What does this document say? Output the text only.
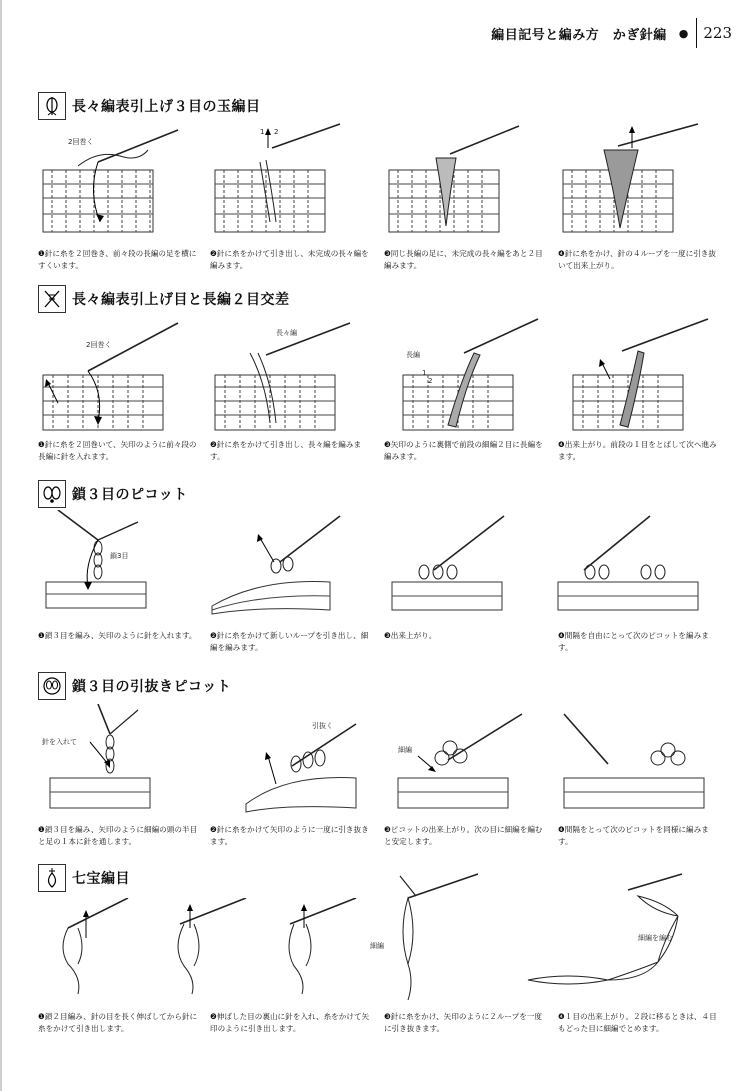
編目記号と編み方　かぎ針編 ● 223
長々編表引上げ３目の玉編目
2回巻く
1 2
❶針に糸を２回巻き、前々段の長編の足を横にすくいます。
❷針に糸をかけて引き出し、未完成の長々編を編みます。
❸同じ長編の足に、未完成の長々編をあと２目編みます。
❹針に糸をかけ、針の４ループを一度に引き抜いて出来上がり。
長々編表引上げ目と長編２目交差
2回巻く
長々編
長編
1
2
❶針に糸を２回巻いて、矢印のように前々段の長編に針を入れます。
❷針に糸をかけて引き出し、長々編を編みます。
❸矢印のように裏側で前段の細編２目に長編を編みます。
❹出来上がり。前段の１目をとばして次へ進みます。
鎖３目のピコット
鎖3目
❶鎖３目を編み、矢印のように針を入れます。 ❷針に糸をかけて新しいループを引き出し、細編を編みます。
❸出来上がり。	❹間隔を自由にとって次のピコットを編みます。
鎖３目の引抜きピコット
針を入れて
引抜く
細編
❶鎖３目を編み、矢印のように細編の頭の半目と足の１本に針を通します。
❷針に糸をかけて矢印のように一度に引き抜きます。
❸ピコットの出来上がり。次の目に細編を編むと安定します。
❹間隔をとって次のピコットを同様に編みます。
七宝編目
細編
細編を編む
❶鎖２目編み、針の目を長く伸ばしてから針に糸をかけて引き出します。
❷伸ばした目の裏山に針を入れ、糸をかけて矢印のように引き出します。
❸針に糸をかけ、矢印のように２ループを一度に引き抜きます。
❹１目の出来上がり。２段に移るときは、４目もどった目に細編でとめます。
